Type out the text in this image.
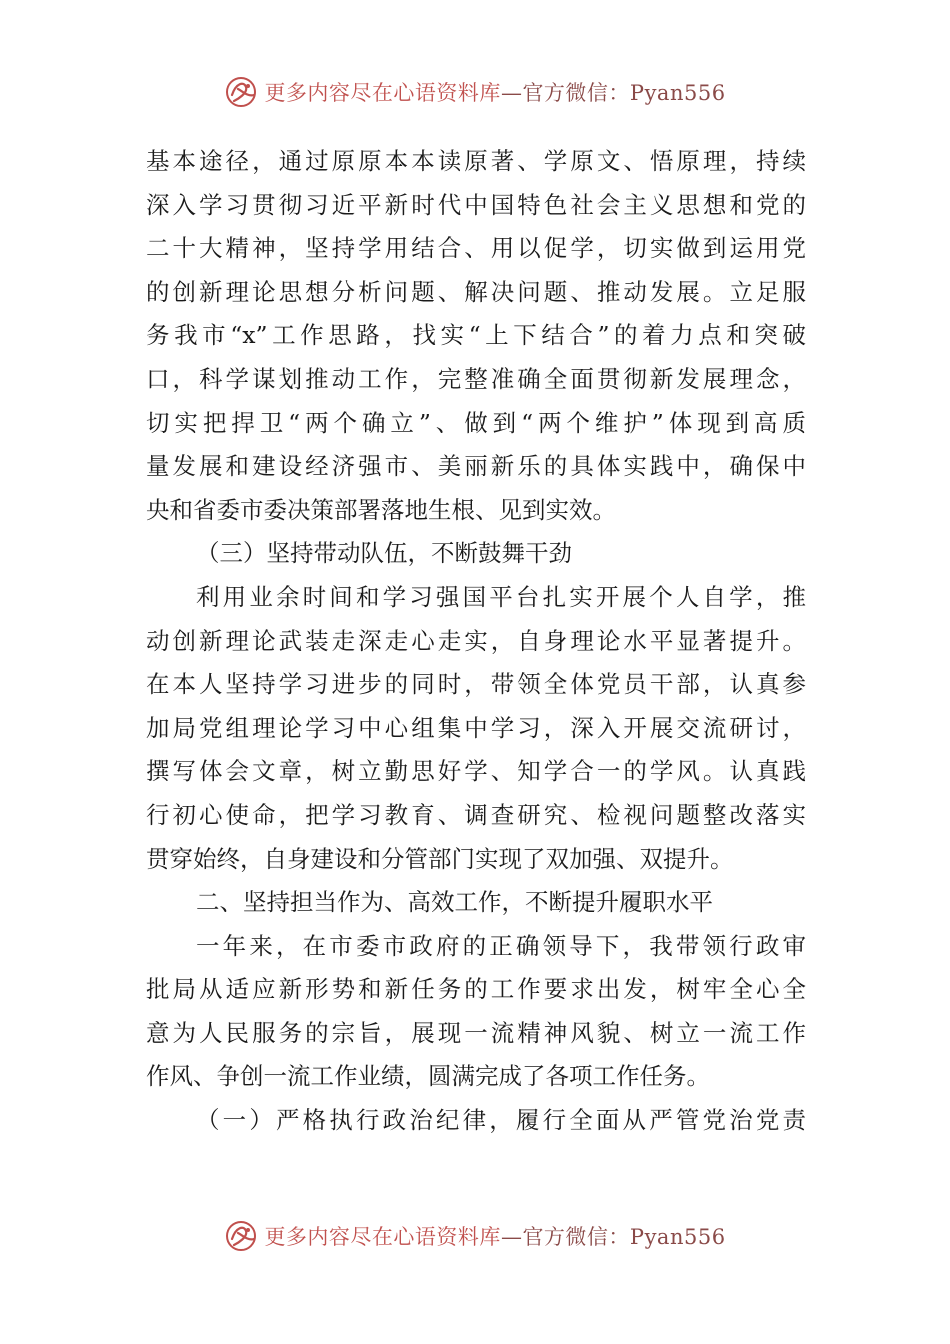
更多内容尽在心语资料库—官方微信：Pyan556
基本途径，通过原原本本读原著、学原文、悟原理，持续
深入学习贯彻习近平新时代中国特色社会主义思想和党的
二十大精神，坚持学用结合、用以促学，切实做到运用党
的创新理论思想分析问题、解决问题、推动发展。立足服
务我市“x”工作思路，找实“上下结合”的着力点和突破
口，科学谋划推动工作，完整准确全面贯彻新发展理念，
切实把捍卫“两个确立”、做到“两个维护”体现到高质
量发展和建设经济强市、美丽新乐的具体实践中，确保中
央和省委市委决策部署落地生根、见到实效。
（三）坚持带动队伍，不断鼓舞干劲
利用业余时间和学习强国平台扎实开展个人自学，推
动创新理论武装走深走心走实，自身理论水平显著提升。
在本人坚持学习进步的同时，带领全体党员干部，认真参
加局党组理论学习中心组集中学习，深入开展交流研讨，
撰写体会文章，树立勤思好学、知学合一的学风。认真践
行初心使命，把学习教育、调查研究、检视问题整改落实
贯穿始终，自身建设和分管部门实现了双加强、双提升。
二、坚持担当作为、高效工作，不断提升履职水平
一年来，在市委市政府的正确领导下，我带领行政审
批局从适应新形势和新任务的工作要求出发，树牢全心全
意为人民服务的宗旨，展现一流精神风貌、树立一流工作
作风、争创一流工作业绩，圆满完成了各项工作任务。
（一）严格执行政治纪律，履行全面从严管党治党责
更多内容尽在心语资料库—官方微信：Pyan556
